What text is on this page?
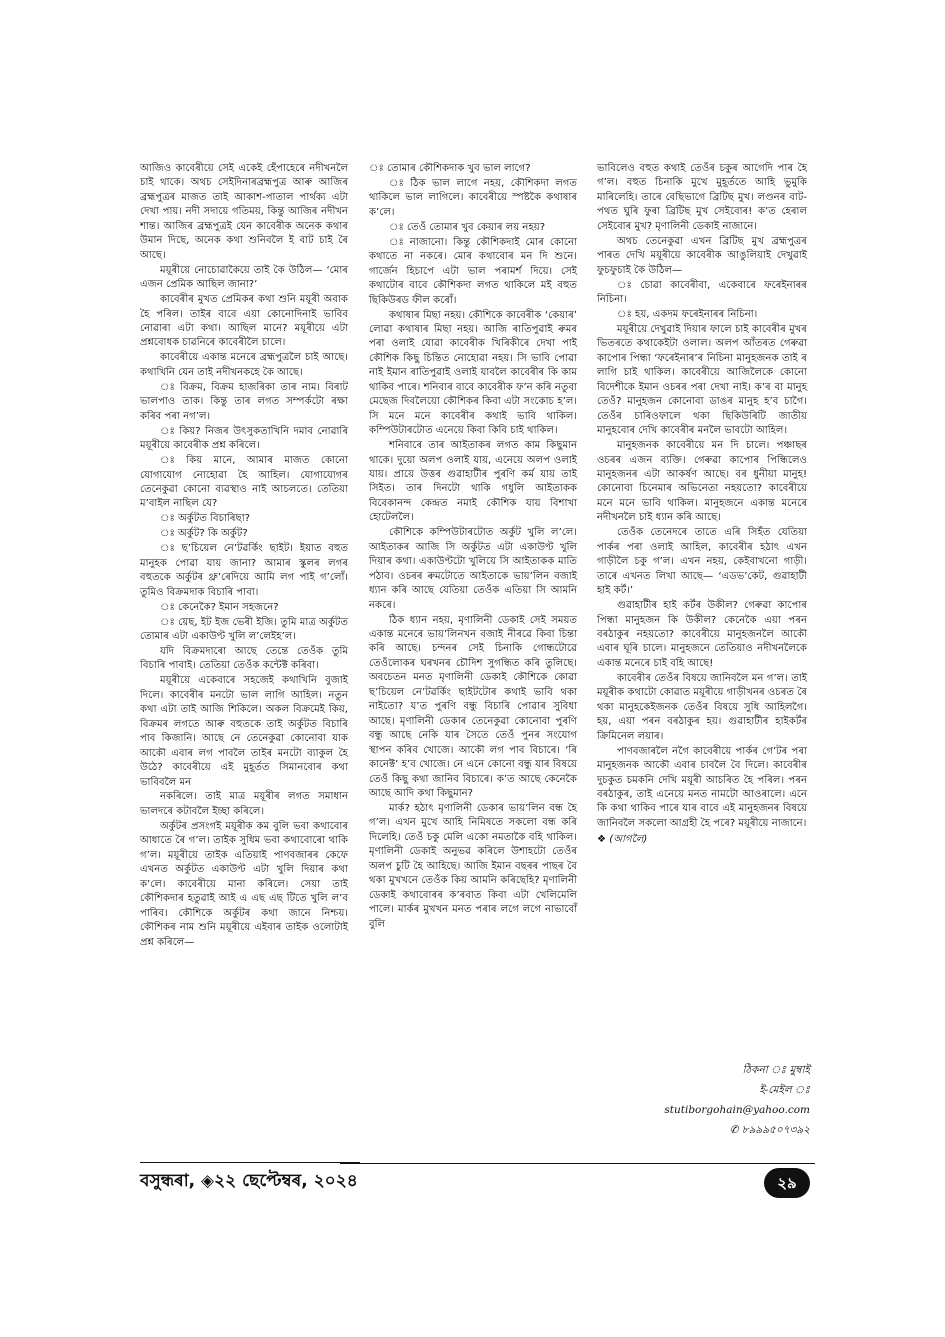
আজিও কাবেৰীয়ে সেই একেই হেঁপাহেৰে নদীখনলৈ চাই থাকে। অথচ সেইদিনাৰব্ৰহ্মপুত্ৰ আৰু আজিৰ ব্ৰহ্মপুত্ৰৰ মাজত তাই আকাশ-পাতাল পাৰ্থক্য এটা দেখা পায়। নদী সদায়ে গতিময়, কিন্তু আজিৰ নদীখন শান্ত। আজিৰ ব্ৰহ্মপুত্ৰই যেন কাবেৰীক অনেক কথাৰ উমান দিছে, অনেক কথা শুনিবলৈ ই বাট চাই ৰৈ আছে।

ময়ূৰীয়ে নোচোৱাকৈয়ে তাই কৈ উঠিল— ‘মোৰ এজন প্ৰেমিক আছিল জানা?’

কাবেৰীৰ মুখত প্ৰেমিকৰ কথা শুনি ময়ূৰী অবাক হৈ পৰিল। তাইৰ বাবে এয়া কোনোদিনাই ভাবিব নোৱাৰা এটা কথা। আছিল মানে? ময়ূৰীয়ে এটা প্ৰশ্নবোধক চাৱনিৰে কাবেৰীলৈ চালে।

কাবেৰীয়ে একান্ত মনেৰে ব্ৰহ্মপুত্ৰলৈ চাই আছে। কথাখিনি যেন তাই নদীখনকহে কৈ আছে।

ঃ বিক্ৰম, বিক্ৰম হাজৰিকা তাৰ নাম। বিৰাট ভালপাও তাক। কিন্তু তাৰ লগত সম্পৰ্কটো ৰক্ষা কৰিব পৰা নগ’ল।

ঃ কিয়? নিজৰ উৎসুকতাখিনি দমাব নোৱাৰি ময়ূৰীয়ে কাবেৰীক প্ৰশ্ন কৰিলে।

ঃ কিয় মানে, আমাৰ মাজত কোনো যোগাযোগ নোহোৱা হৈ আহিল। যোগাযোগৰ তেনেকুৱা কোনো ব্যৱস্থাও নাই আচলতে। তেতিয়া ম’বাইল নাছিল যে?

ঃ অৰ্কুটত বিচাৰিছা?

ঃ অৰ্কুট? কি অৰ্কুট?

ঃ ছ’চিয়েল নে’টৱৰ্কিং ছাইট। ইয়াত বহুত মানুহক পোৱা যায় জানা? আমাৰ স্কুলৰ লগৰ বহুতকে অৰ্কুটৰ থ্ৰু’ৰেদিয়ে আমি লগ পাই গ’লোঁ। তুমিও বিক্ৰমদাক বিচাৰি পাবা।

ঃ কেনেকৈ? ইমান সহজনে?

ঃ য়েছ, ইট ইজ ভেৰী ইজি। তুমি মাত্ৰ অৰ্কুটত তোমাৰ এটা একাউণ্ট খুলি ল’লেইহ’ল।

যদি বিক্ৰমদাৰো আছে তেন্তে তেওঁক তুমি বিচাৰি পাবাই। তেতিয়া তেওঁক কন্টেক্ট কৰিবা।

ময়ূৰীয়ে একেবাৰে সহজেই কথাখিনি বুজাই দিলে। কাবেৰীৰ মনটো ভাল লাগি আহিল। নতুন কথা এটা তাই আজি শিকিলে। অকল বিক্ৰমেই কিয়, বিক্ৰমৰ লগতে আৰু বহুতকে তাই অৰ্কুটত বিচাৰি পাব কিজানি। আছে নে তেনেকুৱা কোনোবা যাক আকৌ এবাৰ লগ পাবলৈ তাইৰ মনটো ব্যাকুল হৈ উঠে? কাবেৰীয়ে এই মুহূৰ্তত সিমানবোৰ কথা ভাবিবলৈ মন

নকৰিলে। তাই মাত্ৰ ময়ূৰীৰ লগত সমাধান ভালদৰে কটাবলৈ ইচ্ছা কৰিলে।

অৰ্কুটৰ প্ৰসংগই ময়ূৰীক কম বুলি ভবা কথাবোৰ আধাতে ৰৈ গ’ল। তাইক সুধিম ভবা কথাবোৰো থাকি গ’ল। ময়ূৰীয়ে তাইক এতিয়াই পাণবজাৰৰ কেফে এখনত অৰ্কুটত একাউণ্ট এটা খুলি দিয়াৰ কথা ক’লে। কাবেৰীয়ে মানা কৰিলে। সেয়া তাই কৌশিকদাৰ হতুৱাই আই এ এছ এছ টিতে খুলি ল’ব পাৰিব। কৌশিকে অৰ্কুটৰ কথা জানে নিশ্চয়। কৌশিকৰ নাম শুনি ময়ূৰীয়ে এইবাৰ তাইক ওলোটাই প্ৰশ্ন কৰিলে—

ঃ তোমাৰ কৌশিকদাক খুব ভাল লাগে?

ঃ ঠিক ভাল লাগে নহয়, কৌশিকদা লগত থাকিলে ভাল লাগিলে। কাবেৰীয়ে স্পষ্টকৈ কথাষাৰ ক’লে।

ঃ তেওঁ তোমাৰ খুব কেয়াৰ লয় নহয়?

ঃ নাজানো। কিন্তু কৌশিকদাই মোৰ কোনো কথাতে না নকৰে। মোৰ কথাবোৰ মন দি শুনে। গাৰ্জেন হিচাপে এটা ভাল পৰামৰ্শ দিয়ে। সেই কথাটোৰ বাবে কৌশিকদা লগত থাকিলে মই বহুত ছিকিউৰড ফীল কৰোঁ।

কথাষাৰ মিছা নহয়। কৌশিকে কাবেৰীক ‘কেয়াৰ’ লোৱা কথাষাৰ মিছা নহয়। আজি ৰাতিপুৱাই ৰুমৰ পৰা ওলাই যোৱা কাবেৰীক খিৰিকীৰে দেখা পাই কৌশিক কিছু চিন্তিত নোহোৱা নহয়। সি ভাবি পোৱা নাই ইমান ৰাতিপুৱাই ওলাই যাবলৈ কাবেৰীৰ কি কাম থাকিব পাৰে। শনিবাৰ বাবে কাবেৰীক ফ’ন কৰি নতুবা মেছেজ দিবলৈয়ো কৌশিকৰ কিবা এটা সংকোচ হ’ল। সি মনে মনে কাবেৰীৰ কথাই ভাবি থাকিল। কম্পিউটাৰটোত এনেয়ে কিবা কিবি চাই থাকিল।

শনিবাৰে তাৰ আইতাকৰ লগত কাম কিছুমান থাকে। দুয়ো অলপ ওলাই যায়, এনেয়ে অলপ ওলাই যায়। প্ৰায়ে উত্তৰ গুৱাহাটীৰ পুৰণি কৰ্ম যায় তাই সিইত। তাৰ দিনটো থাকি গধুলি আইতাকক বিবেকানন্দ কেন্দ্ৰত নমাই কৌশিক যায় বিশাখা হোটেললৈ।

কৌশিকে কম্পিউটাৰটোত অৰ্কুট খুলি ল’লে। আইতাকৰ আজি সি অৰ্কুটত এটা একাউণ্ট খুলি দিয়াৰ কথা। একাউণ্টটো খুলিয়ে সি আইতাকক মাতি পঠাব। ওচৰৰ ৰুমটোতে আইতাকে ভায়’লিন বজাই ধ্যান কৰি আছে যেতিয়া তেওঁক এতিয়া সি আমনি নকৰে।

ঠিক ধ্যান নহয়, মৃণালিনী ডেকাই সেই সময়ত একান্ত মনেৰে ভায়’লিনখন বজাই নীৰৱে কিবা চিন্তা কৰি আছে। চন্দনৰ সেই চিনাকি গোন্ধটোৱে তেওঁলোকৰ ঘৰখনৰ চৌদিশ সুগন্ধিত কৰি তুলিছে। অবচেতন মনত মৃণালিনী ডেকাই কৌশিকে কোৱা ছ’চিয়েল নে’টৱৰ্কিং ছাইটটোৰ কথাই ভাবি থকা নাইতো? য’ত পুৰণি বন্ধু বিচাৰি পোৱাৰ সুবিধা আছে। মৃণালিনী ডেকাৰ তেনেকুৱা কোনোবা পুৰণি বন্ধু আছে নেকি যাৰ সৈতে তেওঁ পুনৰ সংযোগ স্থাপন কৰিব খোজে। আকৌ লগ পাব বিচাৰে। ‘ৰি কানেক্ট’ হ’ব খোজে। নে এনে কোনো বন্ধু যাৰ বিষয়ে তেওঁ কিছু কথা জানিব বিচাৰে। ক’ত আছে কেনেকৈ আছে আদি কথা কিছুমান?

মাৰ্ক? হঠাৎ মৃণালিনী ডেকাৰ ভায়’লিন বন্ধ হৈ গ’ল। এখন মুখে আহি নিমিষতে সকলো বন্ধ কৰি দিলেহি। তেওঁ চকু মেলি একো নমতাকৈ বহি থাকিল। মৃণালিনী ডেকাই অনুভৱ কৰিলে উশাহটো তেওঁৰ অলপ চুটি হৈ আহিছে। আজি ইমান বছৰৰ পাছৰ বৈ থকা মুখখনে তেওঁক কিয় আমনি কৰিছেহি? মৃণালিনী ডেকাই কথাবোৰৰ ক’ৰবাত কিবা এটা খেলিমেলি পালে। মাৰ্কৰ মুখখন মনত পৰাৰ লগে লগে নাভাবোঁ বুলি

ভাবিলেও বহুত কথাই তেওঁৰ চকুৰ আগেদি পাৰ হৈ গ’ল। বহুত চিনাকি মুখে মুহূৰ্ততে আহি ভুমুকি মাৰিলেহি। তাৰে বেছিভাগে ব্ৰিটিছ মুখ। লণ্ডনৰ বাট-পথত ঘুৰি ফুৰা ব্ৰিটিছ মুখ সেইবোৰ! ক’ত হেৰাল সেইবোৰ মুখ? মৃণালিনী ডেকাই নাজানে।

অথচ তেনেকুৱা এখন ব্ৰিটিছ মুখ ব্ৰহ্মপুত্ৰৰ পাৰত দেখি ময়ূৰীয়ে কাবেৰীক আঙুলিয়াই দেখুৱাই ফুচফুচাই কৈ উঠিল—

ঃ চোৱা কাবেৰীবা, একেবাৰে ফৰেইনাৰৰ নিচিনা।

ঃ হয়, একদম ফৰেইনাৰৰ নিচিনা।

ময়ূৰীয়ে দেখুৱাই দিয়াৰ ফালে চাই কাবেৰীৰ মুখৰ ভিতৰতে কথাকেইটা ওলাল। অলপ আঁতৰত গেৰুৱা কাপোৰ পিন্ধা ‘ফৰেইনাৰ’ৰ নিচিনা মানুহজনক তাই ৰ লাগি চাই থাকিল। কাবেৰীয়ে আজিলৈকে কোনো বিদেশীকে ইমান ওচৰৰ পৰা দেখা নাই। ক’ৰ বা মানুহ তেওঁ? মানুহজন কোনোবা ডাঙৰ মানুহ হ’ব চাগৈ। তেওঁৰ চাৰিওফালে থকা ছিকিউৰিটি জাতীয় মানুহবোৰ দেখি কাবেৰীৰ মনলৈ ভাবটো আহিল।

মানুহজনক কাবেৰীয়ে মন দি চালে। পঞ্চাছৰ ওচৰৰ এজন ব্যক্তি। গেৰুৱা কাপোৰ পিন্ধিলেও মানুহজনৰ এটা আকৰ্ষণ আছে। বৰ ধুনীয়া মানুহ! কোনোবা চিনেমাৰ অভিনেতা নহয়তো? কাবেৰীয়ে মনে মনে ভাবি থাকিল। মানুহজনে একান্ত মনেৰে নদীখনলৈ চাই ধ্যান কৰি আছে।

তেওঁক তেনেদৰে তাতে এৰি সিহঁত যেতিয়া পাৰ্কৰ পৰা ওলাই আহিল, কাবেৰীৰ হঠাৎ এখন গাড়ীলৈ চকু গ’ল। এখন নহয়, কেইবাখনো গাড়ী। তাৰে এখনত লিখা আছে— ‘এডভ’কেট, গুৱাহাটী হাই কৰ্ট।’

গুৱাহাটীৰ হাই কৰ্টৰ উকীল? গেৰুৱা কাপোৰ পিন্ধা মানুহজন কি উকীল? কেনেকৈ এয়া পৰন বৰঠাকুৰ নহয়তো? কাবেৰীয়ে মানুহজনলৈ আকৌ এবাৰ ঘূৰি চালে। মানুহজনে তেতিয়াও নদীখনলৈকে একান্ত মনেৰে চাই বহি আছে!

কাবেৰীৰ তেওঁৰ বিষয়ে জানিবলৈ মন গ’ল। তাই ময়ূৰীক কথাটো কোৱাত ময়ূৰীয়ে গাড়ীখনৰ ওচৰত ৰৈ থকা মানুহকেইজনক তেওঁৰ বিষয়ে সুধি আহিলগৈ। হয়, এয়া পৰন বৰঠাকুৰ হয়। গুৱাহাটীৰ হাইকৰ্টৰ ক্ৰিমিনেল লয়াৰ।

পাণবজাৰলৈ নগৈ কাবেৰীয়ে পাৰ্কৰ গে’টৰ পৰা মানুহজনক আকৌ এবাৰ চাবলৈ বৈ দিলে। কাবেৰীৰ দুচকুত চমকনি দেখি ময়ূৰী আচৰিত হৈ পৰিল। পৰন বৰঠাকুৰ, তাই এনেয়ে মনত নামটো আওৰালে। এনে কি কথা থাকিব পাৰে যাৰ বাবে এই মানুহজনৰ বিষয়ে জানিবলৈ সকলো আগ্ৰহী হৈ পৰে? ময়ূৰীয়ে নাজানে।

❖ (আগলৈ)

ঠিকনা ঃ মুম্বাই
ই-মেইল ঃ
stutiborgohain@yahoo.com
✆ ৮৯৯৯৫০৭৩৯২
বসুন্ধৰা, ◈২২ ছেপ্টেম্বৰ, ২০২৪	২৯
